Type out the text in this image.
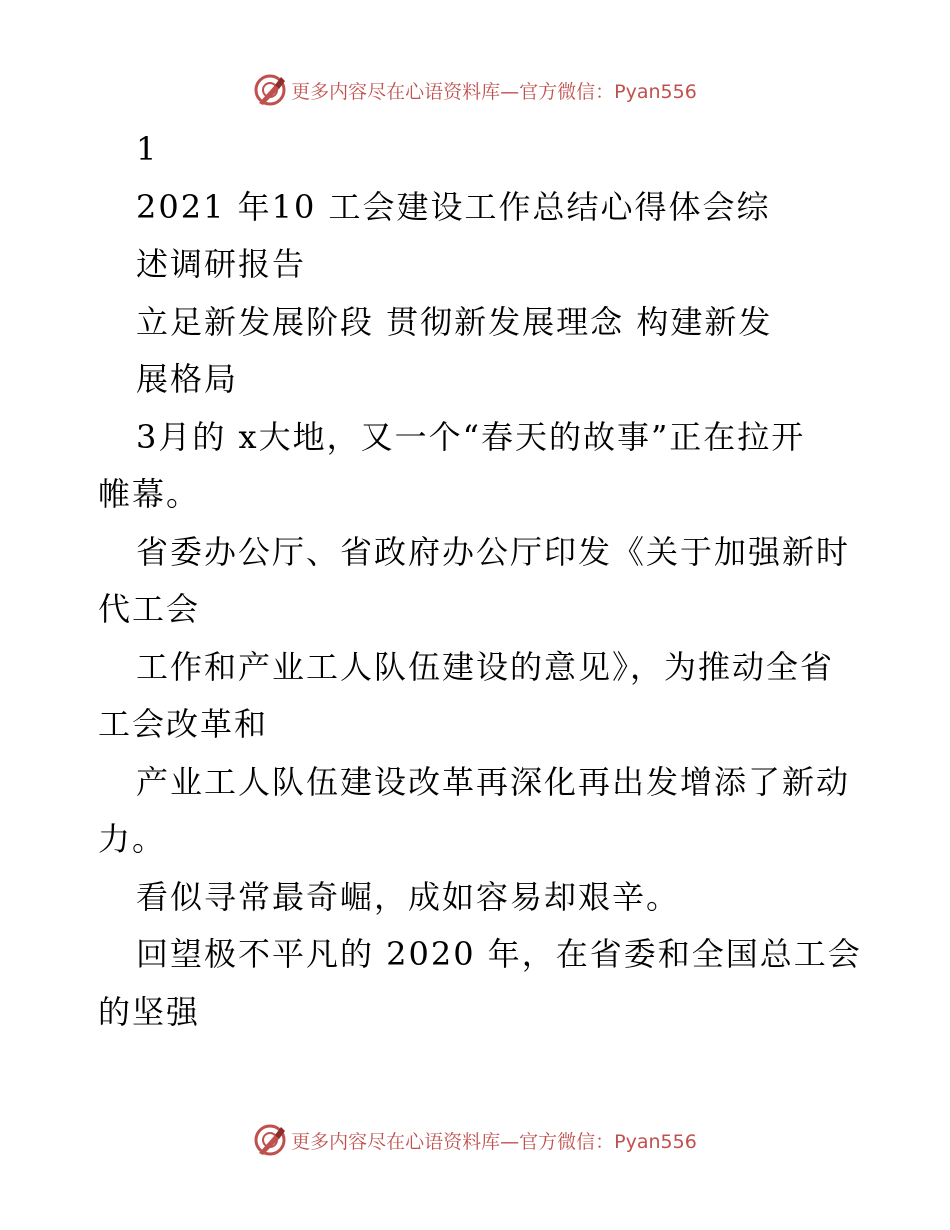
更多内容尽在心语资料库—官方微信：Pyan556
1
2021 年10 工会建设工作总结心得体会综
述调研报告
立足新发展阶段 贯彻新发展理念 构建新发
展格局
3月的 x大地，又一个“春天的故事”正在拉开
帷幕。
省委办公厅、省政府办公厅印发《关于加强新时
代工会
工作和产业工人队伍建设的意见》，为推动全省
工会改革和
产业工人队伍建设改革再深化再出发增添了新动
力。
看似寻常最奇崛，成如容易却艰辛。
回望极不平凡的 2020 年，在省委和全国总工会
的坚强
更多内容尽在心语资料库—官方微信：Pyan556
